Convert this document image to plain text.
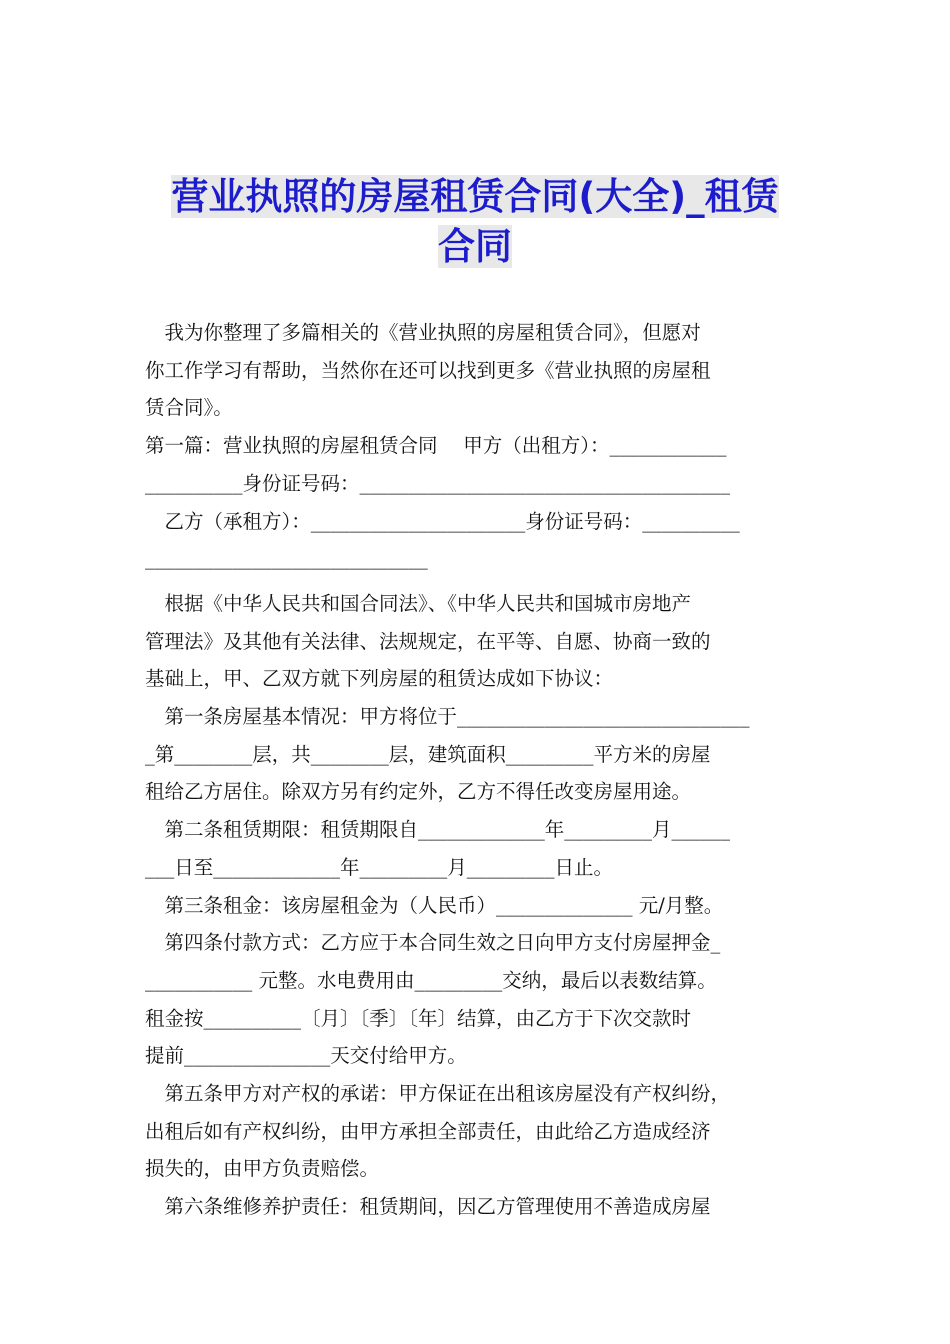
营业执照的房屋租赁合同(大全)_租赁
合同

　我为你整理了多篇相关的《营业执照的房屋租赁合同》，但愿对

你工作学习有帮助，当然你在还可以找到更多《营业执照的房屋租

赁合同》。

第一篇：营业执照的房屋租赁合同　 甲方（出租方）：____________

__________身份证号码：______________________________________

　乙方（承租方）：______________________身份证号码：__________

_____________________________

　根据《中华人民共和国合同法》、《中华人民共和国城市房地产

管理法》及其他有关法律、法规规定，在平等、自愿、协商一致的

基础上，甲、乙双方就下列房屋的租赁达成如下协议：

　第一条房屋基本情况：甲方将位于______________________________

_第________层，共________层，建筑面积_________平方米的房屋

租给乙方居住。除双方另有约定外，乙方不得任改变房屋用途。

　第二条租赁期限：租赁期限自_____________年_________月______

___日至_____________年_________月_________日止。

　第三条租金：该房屋租金为（人民币）______________ 元/月整。

　第四条付款方式：乙方应于本合同生效之日向甲方支付房屋押金_

___________ 元整。水电费用由_________交纳，最后以表数结算。

租金按__________〔月〕〔季〕〔年〕结算，由乙方于下次交款时

提前_______________天交付给甲方。

　第五条甲方对产权的承诺：甲方保证在出租该房屋没有产权纠纷，

出租后如有产权纠纷，由甲方承担全部责任，由此给乙方造成经济

损失的，由甲方负责赔偿。

　第六条维修养护责任：租赁期间，因乙方管理使用不善造成房屋
